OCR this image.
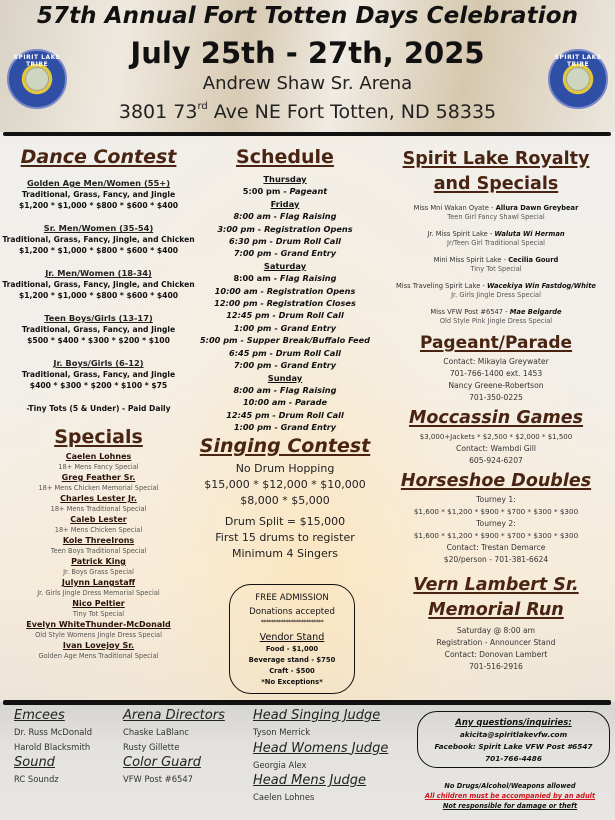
SPIRIT LAKE TRIBE
SPIRIT LAKE TRIBE
57th Annual Fort Totten Days Celebration
July 25th - 27th, 2025
Andrew Shaw Sr. Arena
3801 73rd Ave NE Fort Totten, ND 58335
Dance Contest
Golden Age Men/Women (55+)
Traditional, Grass, Fancy, and Jingle
$1,200 * $1,000 * $800 * $600 * $400
Sr. Men/Women (35-54)
Traditional, Grass, Fancy, Jingle, and Chicken
$1,200 * $1,000 * $800 * $600 * $400
Jr. Men/Women (18-34)
Traditional, Grass, Fancy, Jingle, and Chicken
$1,200 * $1,000 * $800 * $600 * $400
Teen Boys/Girls (13-17)
Traditional, Grass, Fancy, and Jingle
$500 * $400 * $300 * $200 * $100
Jr. Boys/Girls (6-12)
Traditional, Grass, Fancy, and Jingle
$400 * $300 * $200 * $100 * $75
-Tiny Tots (5 & Under) - Paid Daily
Specials
Caelen Lohnes
18+ Mens Fancy Special
Greg Feather Sr.
18+ Mens Chicken Memorial Special
Charles Lester Jr.
18+ Mens Traditional Special
Caleb Lester
18+ Mens Chicken Special
Kole ThreeIrons
Teen Boys Traditional Special
Patrick King
Jr. Boys Grass Special
Julynn Langstaff
Jr. Girls Jingle Dress Memorial Special
Nico Peltier
Tiny Tot Special
Evelyn WhiteThunder-McDonald
Old Style Womens Jingle Dress Special
Ivan Lovejoy Sr.
Golden Age Mens Traditional Special
Schedule
Thursday
5:00 pm - Pageant
Friday
8:00 am - Flag Raising
3:00 pm - Registration Opens
6:30 pm - Drum Roll Call
7:00 pm - Grand Entry
Saturday
8:00 am - Flag Raising
10:00 am - Registration Opens
12:00 pm - Registration Closes
12:45 pm - Drum Roll Call
1:00 pm - Grand Entry
5:00 pm - Supper Break/Buffalo Feed
6:45 pm - Drum Roll Call
7:00 pm - Grand Entry
Sunday
8:00 am - Flag Raising
10:00 am - Parade
12:45 pm - Drum Roll Call
1:00 pm - Grand Entry
Singing Contest
No Drum Hopping
$15,000 * $12,000 * $10,000
$8,000 * $5,000
Drum Split = $15,000
First 15 drums to register
Minimum 4 Singers
FREE ADMISSION
Donations accepted
*************************
Vendor Stand
Food - $1,000
Beverage stand - $750
Craft - $500
*No Exceptions*
Spirit Lake Royalty
and Specials
Miss Mni Wakan Oyate - Allura Dawn Greybear
Teen Girl Fancy Shawl Special
Jr. Miss Spirit Lake - Waluta Wi Herman
Jr/Teen Girl Traditional Special
Mini Miss Spirit Lake - Cecilia Gourd
Tiny Tot Special
Miss Traveling Spirit Lake - Wacekiya Win Fastdog/White
Jr. Girls Jingle Dress Special
Miss VFW Post #6547 - Mae Belgarde
Old Style Pink Jingle Dress Special
Pageant/Parade
Contact: Mikayla Greywater
701-766-1400 ext. 1453
Nancy Greene-Robertson
701-350-0225
Moccassin Games
$3,000+Jackets * $2,500 * $2,000 * $1,500
Contact: Wambdi Gill
605-924-6207
Horseshoe Doubles
Tourney 1:
$1,600 * $1,200 * $900 * $700 * $300 * $300
Tourney 2:
$1,600 * $1,200 * $900 * $700 * $300 * $300
Contact: Trestan Demarce
$20/person - 701-381-6624
Vern Lambert Sr.
Memorial Run
Saturday @ 8:00 am
Registration - Announcer Stand
Contact: Donovan Lambert
701-516-2916
Emcees
Dr. Russ McDonald
Harold Blacksmith
Sound
RC Soundz
Arena Directors
Chaske LaBlanc
Rusty Gillette
Color Guard
VFW Post #6547
Head Singing Judge
Tyson Merrick
Head Womens Judge
Georgia Alex
Head Mens Judge
Caelen Lohnes
Any questions/inquiries:
akicita@spiritlakevfw.com
Facebook: Spirit Lake VFW Post #6547
701-766-4486
No Drugs/Alcohol/Weapons allowed
All children must be accompanied by an adult
Not responsible for damage or theft
